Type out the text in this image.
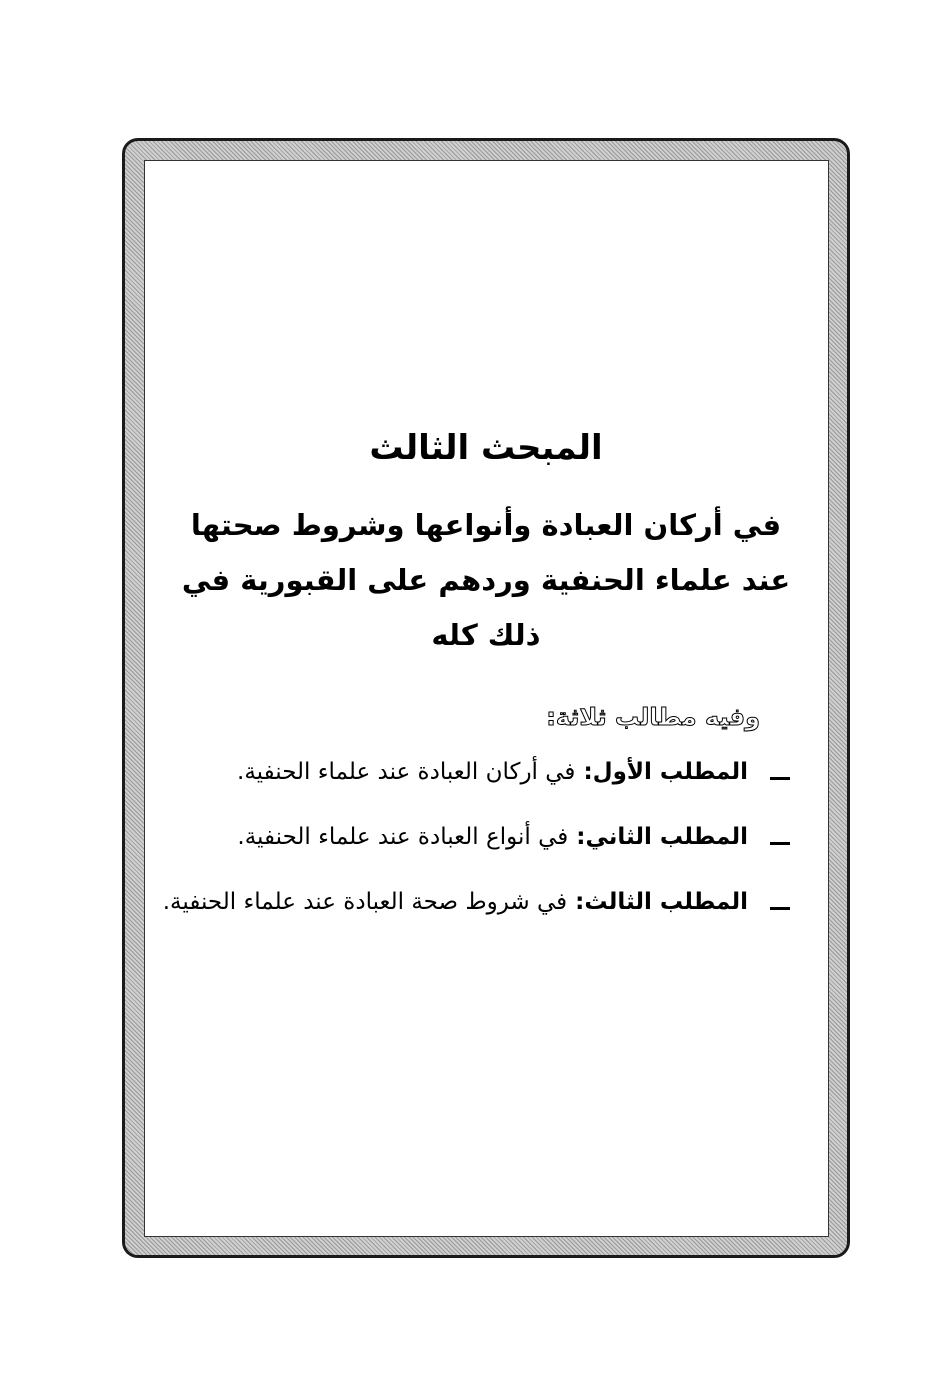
المبحث الثالث

في أركان العبادة وأنواعها وشروط صحتها عند علماء الحنفية وردهم على القبورية في ذلك كله

وفيه مطالب ثلاثة:
المطلب الأول:
في أركان العبادة عند علماء الحنفية.
المطلب الثاني:
في أنواع العبادة عند علماء الحنفية.
المطلب الثالث:
في شروط صحة العبادة عند علماء الحنفية.
